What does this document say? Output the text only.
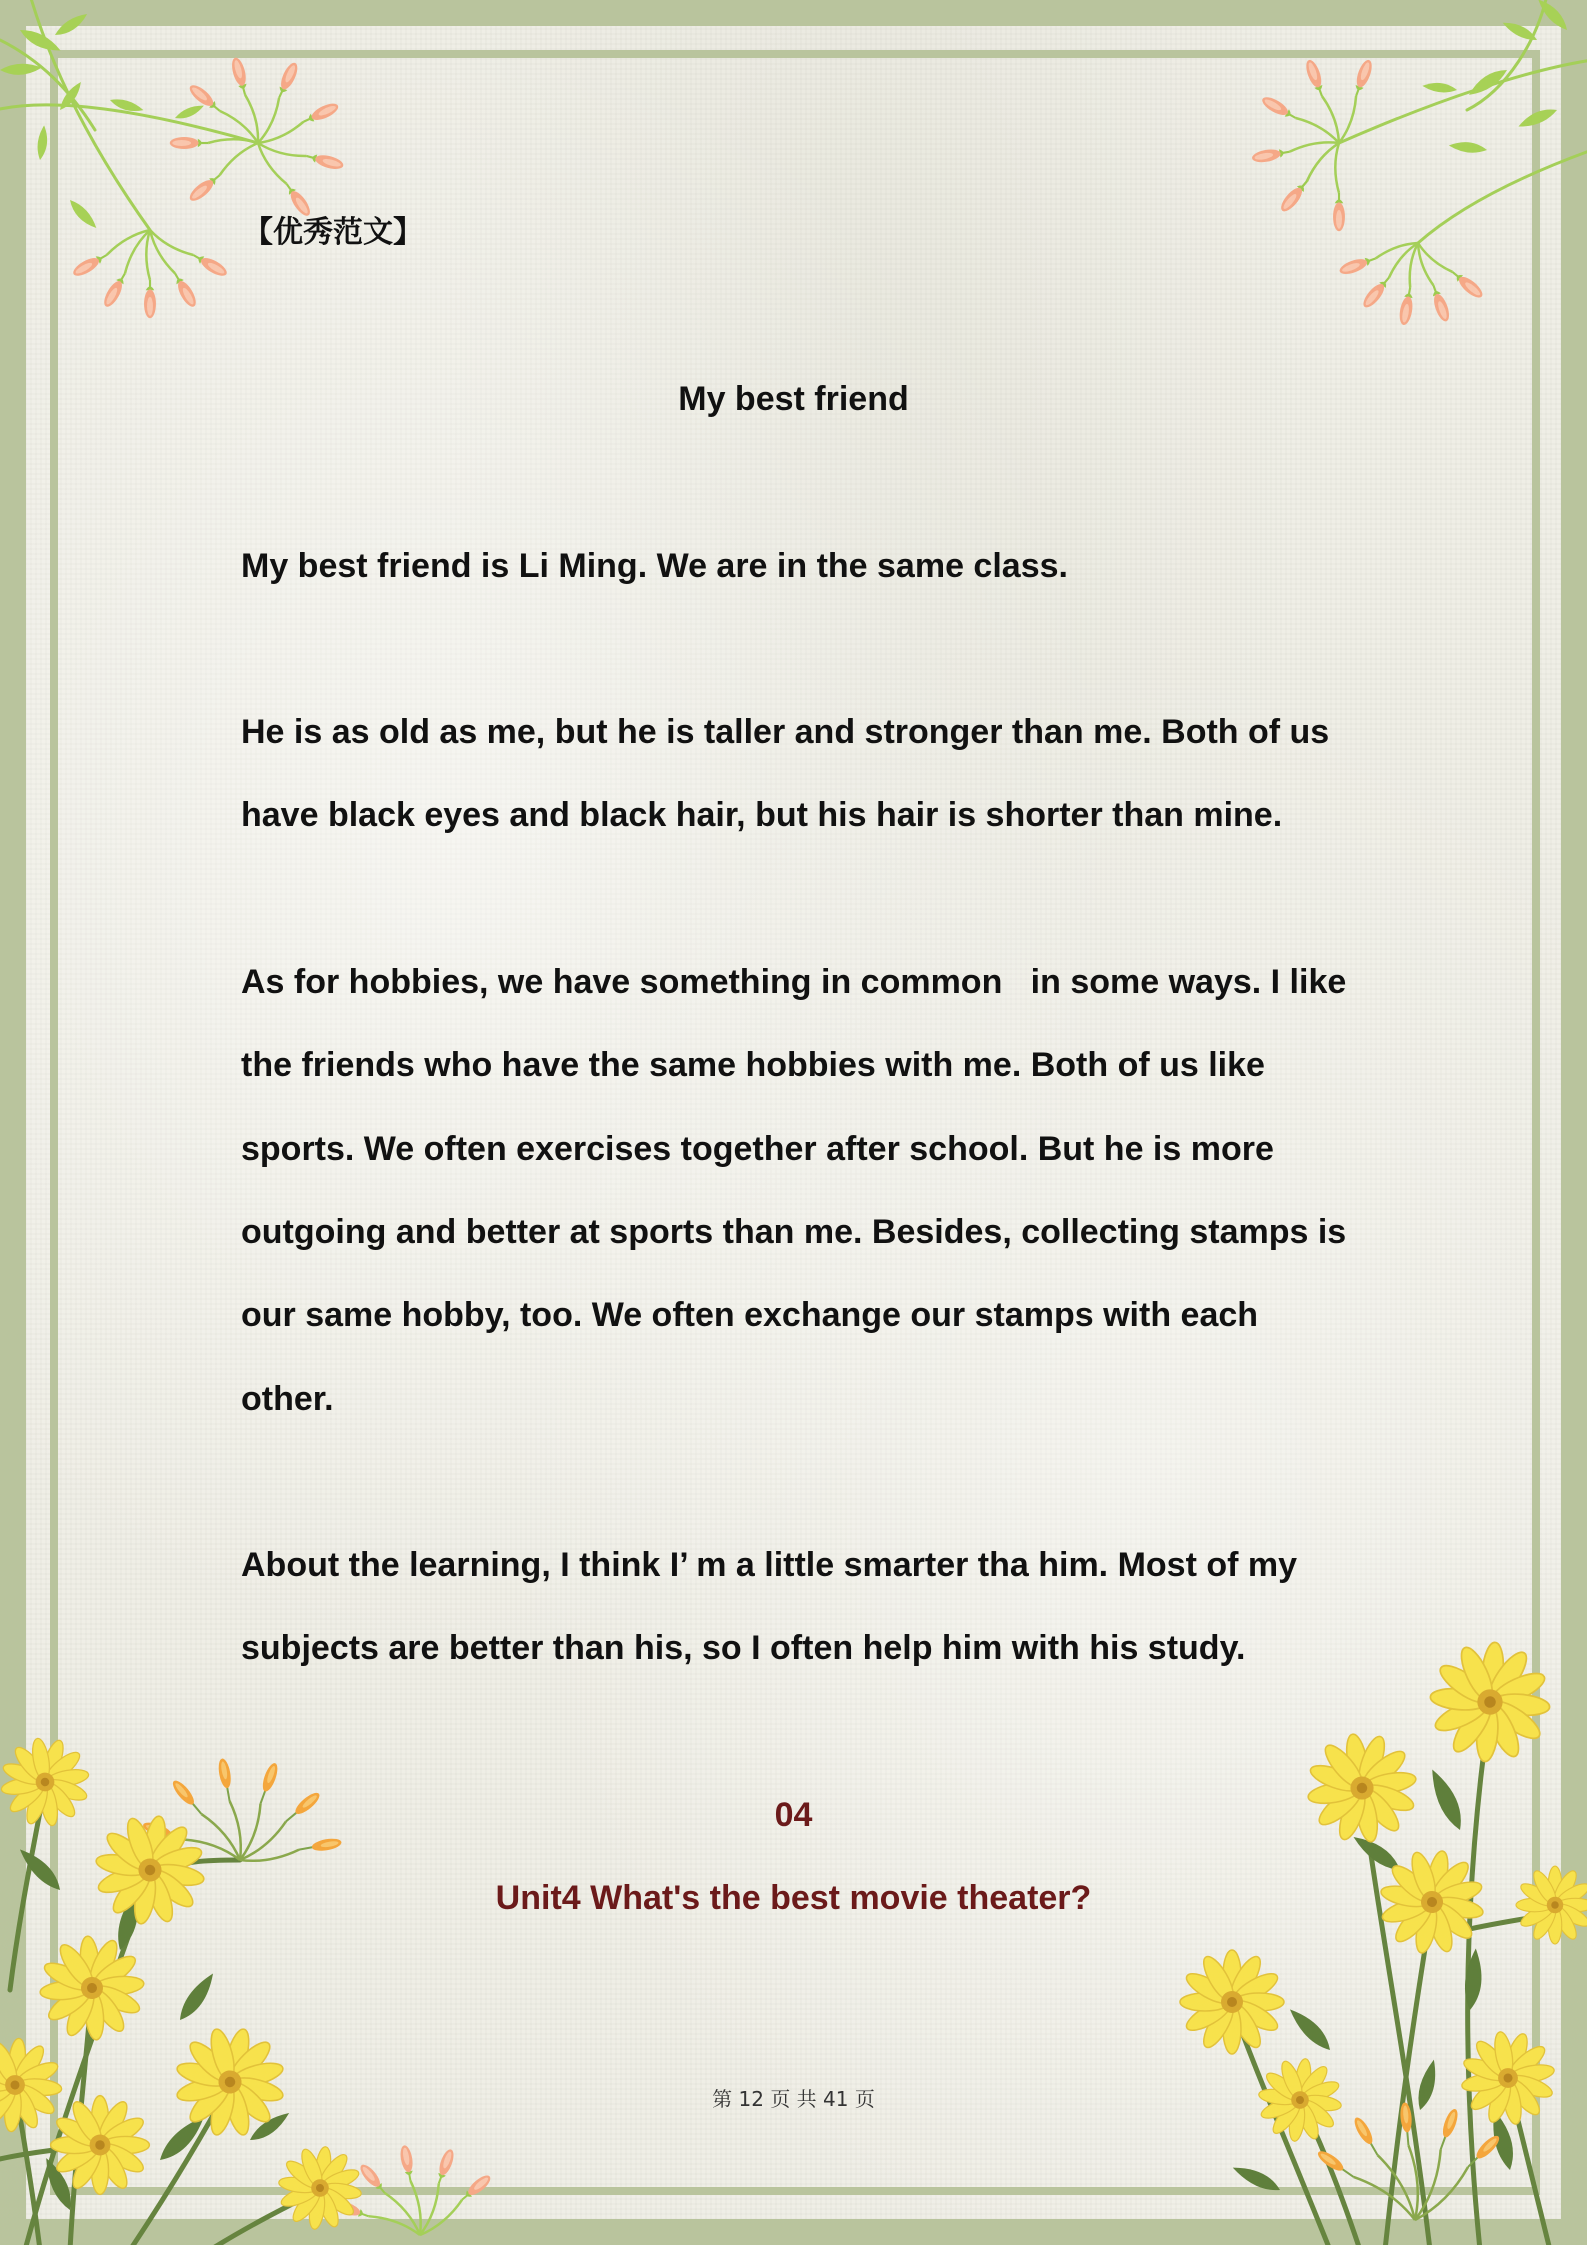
【优秀范文】
My best friend
My best friend is Li Ming. We are in the same class.
He is as old as me, but he is taller and stronger than me. Both of us
have black eyes and black hair, but his hair is shorter than mine.
As for hobbies, we have something in common   in some ways. I like
the friends who have the same hobbies with me. Both of us like
sports. We often exercises together after school. But he is more
outgoing and better at sports than me. Besides, collecting stamps is
our same hobby, too. We often exchange our stamps with each
other.
About the learning, I think I’ m a little smarter tha him. Most of my
subjects are better than his, so I often help him with his study.
04
Unit4 What's the best movie theater?
第 12 页 共 41 页
